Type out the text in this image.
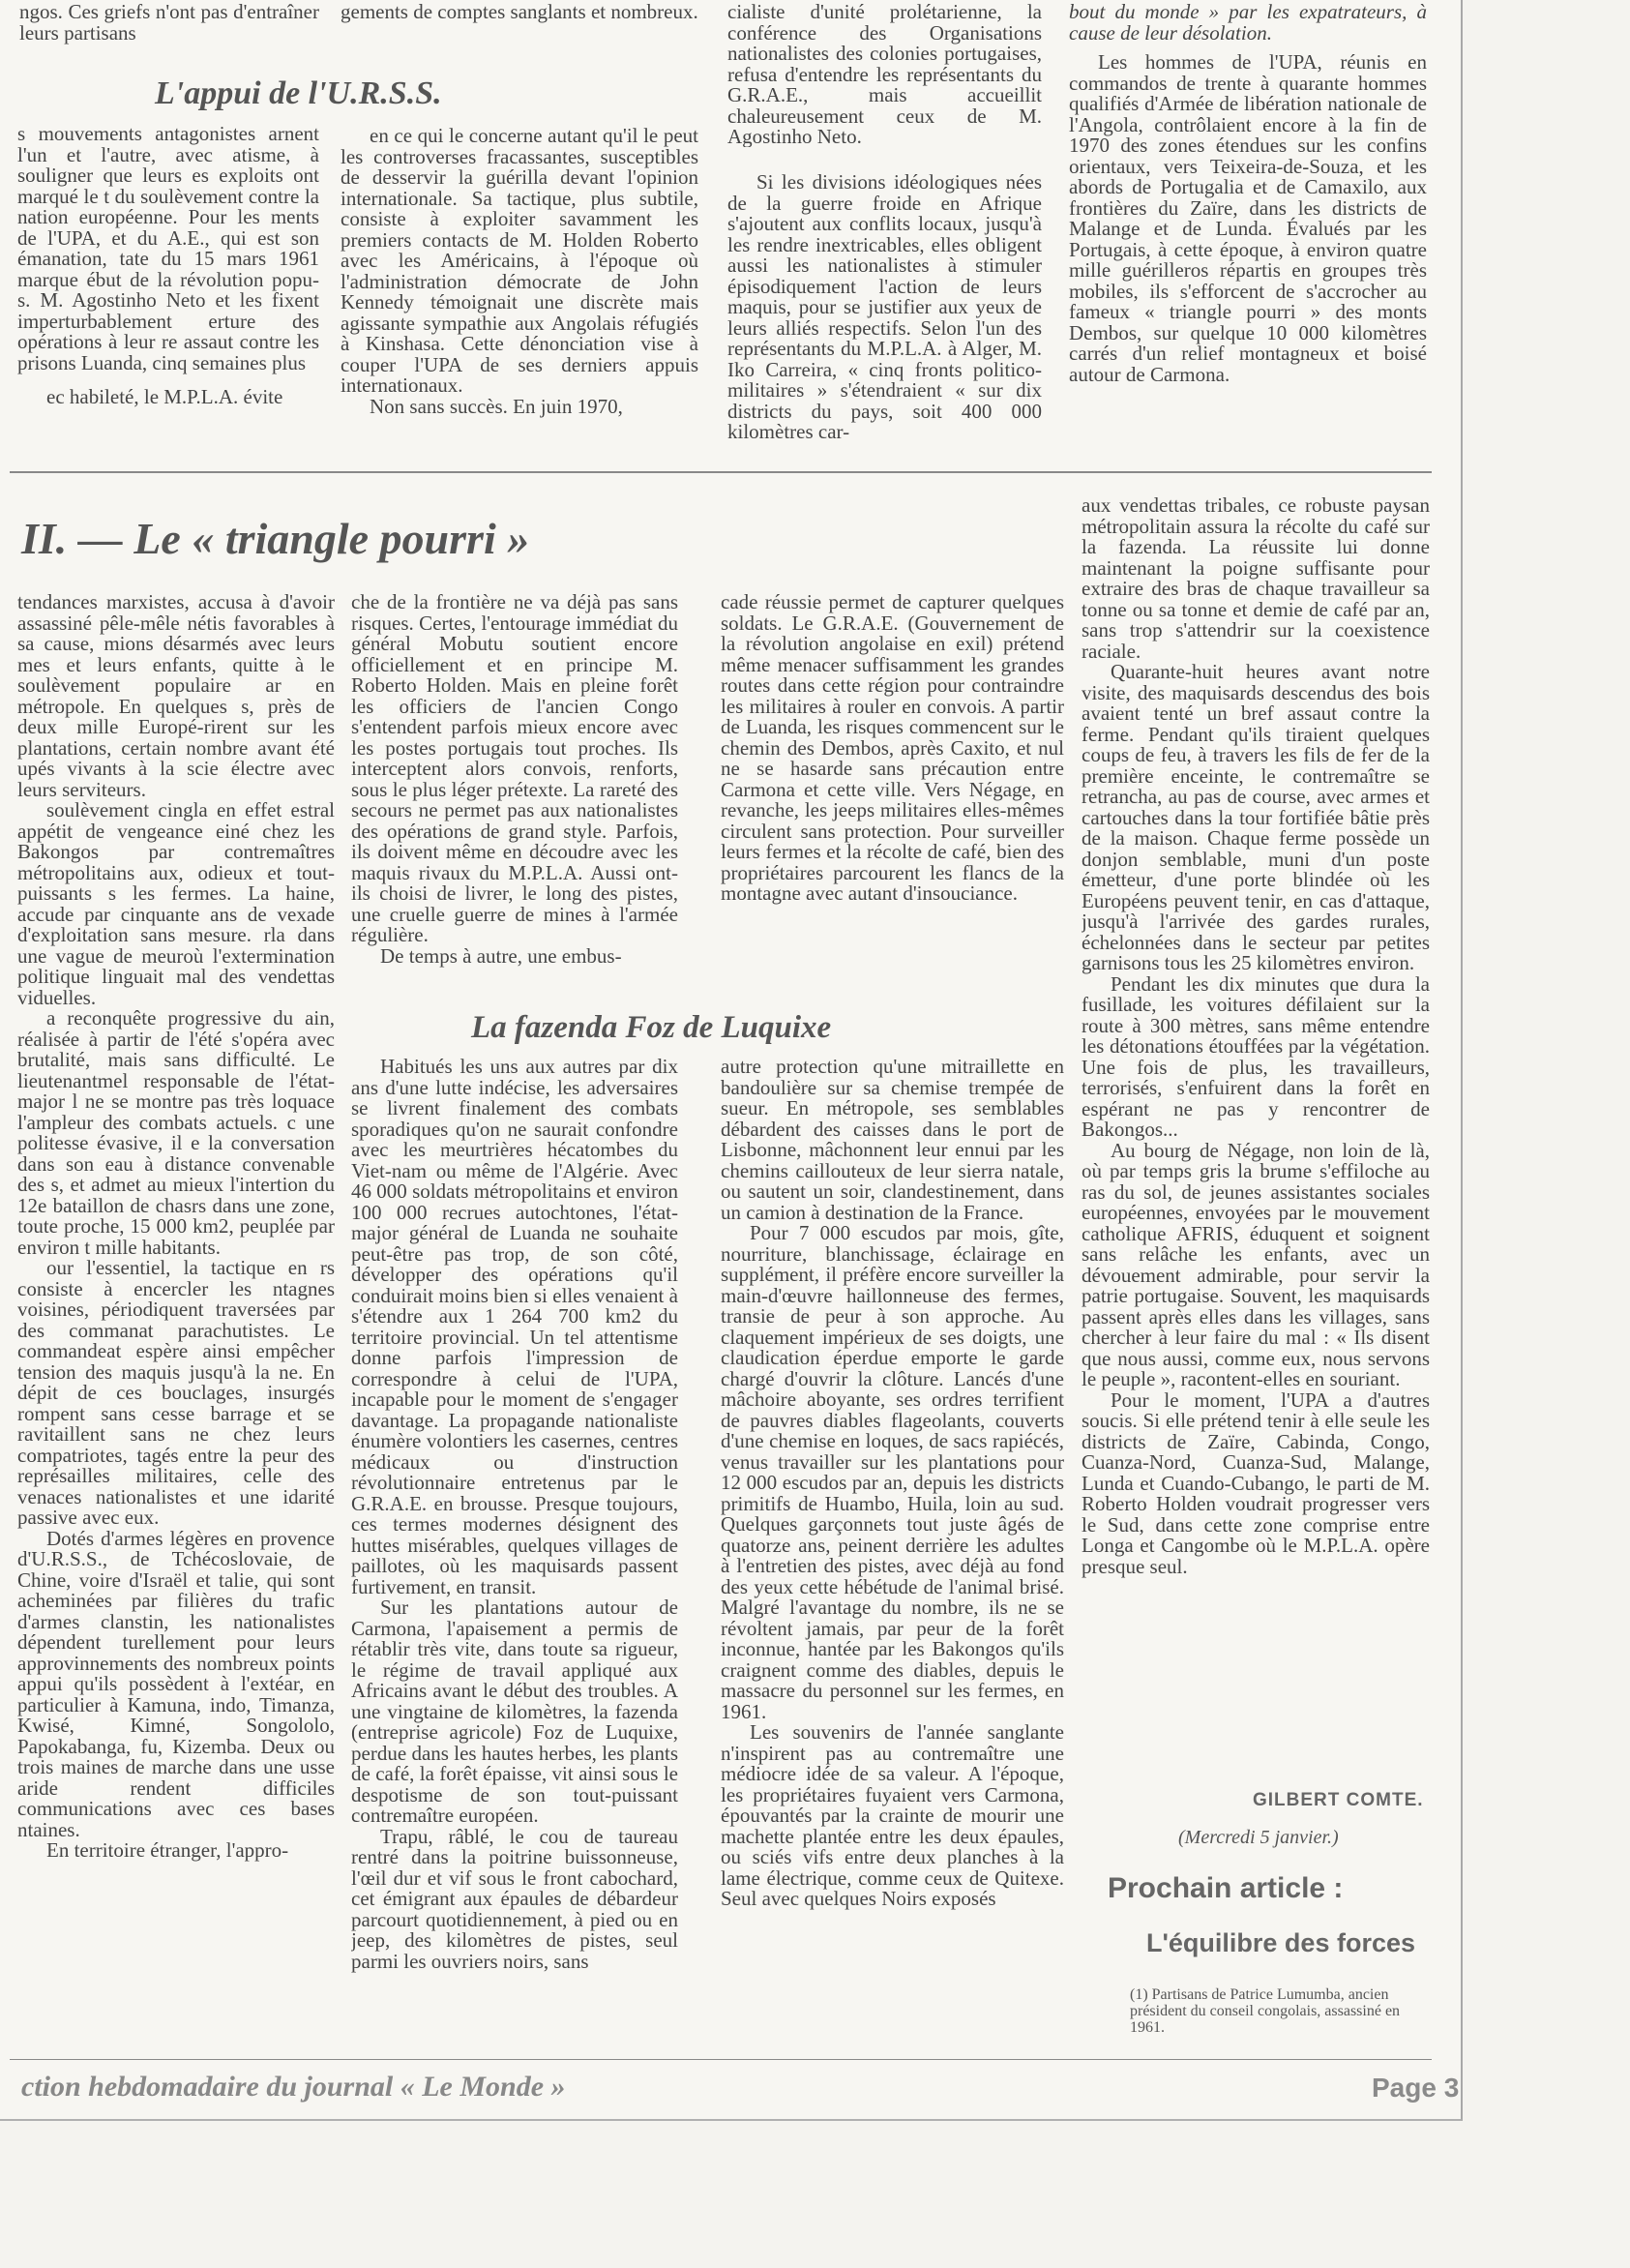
ngos. Ces griefs n'ont pas d'entraîner leurs partisans

gements de comptes sanglants et nombreux. cialiste d'unité prolétarienne, la conférence des Organisations nationalistes des colonies portugaises, refusa d'entendre les représentants du G.R.A.E., mais accueillit chaleureusement ceux de M. Agostinho Neto.

bout du monde » par les expatrateurs, à cause de leur désolation.

L'appui de l'U.R.S.S.

s mouvements antagonistes arnent l'un et l'autre, avec atisme, à souligner que leurs es exploits ont marqué le t du soulèvement contre la nation européenne. Pour les ments de l'UPA, et du A.E., qui est son émanation, tate du 15 mars 1961 marque ébut de la révolution popu- s. M. Agostinho Neto et les fixent imperturbablement erture des opérations à leur re assaut contre les prisons Luanda, cinq semaines plus

ec habileté, le M.P.L.A. évite

en ce qui le concerne autant qu'il le peut les controverses fracassantes, susceptibles de desservir la guérilla devant l'opinion internationale. Sa tactique, plus subtile, consiste à exploiter savamment les premiers contacts de M. Holden Roberto avec les Américains, à l'époque où l'administration démocrate de John Kennedy témoignait une discrète mais agissante sympathie aux Angolais réfugiés à Kinshasa. Cette dénonciation vise à couper l'UPA de ses derniers appuis internationaux.

Non sans succès. En juin 1970,

Si les divisions idéologiques nées de la guerre froide en Afrique s'ajoutent aux conflits locaux, jusqu'à les rendre inextricables, elles obligent aussi les nationalistes à stimuler épisodiquement l'action de leurs maquis, pour se justifier aux yeux de leurs alliés respectifs. Selon l'un des représentants du M.P.L.A. à Alger, M. Iko Carreira, « cinq fronts politico-militaires » s'étendraient « sur dix districts du pays, soit 400 000 kilomètres car-

Les hommes de l'UPA, réunis en commandos de trente à quarante hommes qualifiés d'Armée de libération nationale de l'Angola, contrôlaient encore à la fin de 1970 des zones étendues sur les confins orientaux, vers Teixeira-de-Souza, et les abords de Portugalia et de Camaxilo, aux frontières du Zaïre, dans les districts de Malange et de Lunda. Évalués par les Portugais, à cette époque, à environ quatre mille guérilleros répartis en groupes très mobiles, ils s'efforcent de s'accrocher au fameux « triangle pourri » des monts Dembos, sur quelque 10 000 kilomètres carrés d'un relief montagneux et boisé autour de Carmona.

II. — Le « triangle pourri »

tendances marxistes, accusa à d'avoir assassiné pêle-mêle nétis favorables à sa cause, mions désarmés avec leurs mes et leurs enfants, quitte à le soulèvement populaire ar en métropole. En quelques s, près de deux mille Europé-rirent sur les plantations, certain nombre avant été upés vivants à la scie électre avec leurs serviteurs.

soulèvement cingla en effet estral appétit de vengeance einé chez les Bakongos par contremaîtres métropolitains aux, odieux et tout-puissants s les fermes. La haine, accude par cinquante ans de vexade d'exploitation sans mesure. rla dans une vague de meuroù l'extermination politique linguait mal des vendettas viduelles.

a reconquête progressive du ain, réalisée à partir de l'été s'opéra avec brutalité, mais sans difficulté. Le lieutenantmel responsable de l'état-major l ne se montre pas très loquace l'ampleur des combats actuels. c une politesse évasive, il e la conversation dans son eau à distance convenable des s, et admet au mieux l'intertion du 12e bataillon de chasrs dans une zone, toute proche, 15 000 km2, peuplée par environ t mille habitants.

our l'essentiel, la tactique en rs consiste à encercler les ntagnes voisines, périodiquent traversées par des commanat parachutistes. Le commandeat espère ainsi empêcher tension des maquis jusqu'à la ne. En dépit de ces bouclages, insurgés rompent sans cesse barrage et se ravitaillent sans ne chez leurs compatriotes, tagés entre la peur des représailles militaires, celle des venaces nationalistes et une idarité passive avec eux.

Dotés d'armes légères en provence d'U.R.S.S., de Tchécoslovaie, de Chine, voire d'Israël et talie, qui sont acheminées par filières du trafic d'armes clanstin, les nationalistes dépendent turellement pour leurs approvinnements des nombreux points appui qu'ils possèdent à l'extéar, en particulier à Kamuna, indo, Timanza, Kwisé, Kimné, Songololo, Papokabanga, fu, Kizemba. Deux ou trois maines de marche dans une usse aride rendent difficiles communications avec ces bases ntaines.

En territoire étranger, l'appro-

che de la frontière ne va déjà pas sans risques. Certes, l'entourage immédiat du général Mobutu soutient encore officiellement et en principe M. Roberto Holden. Mais en pleine forêt les officiers de l'ancien Congo s'entendent parfois mieux encore avec les postes portugais tout proches. Ils interceptent alors convois, renforts, sous le plus léger prétexte. La rareté des secours ne permet pas aux nationalistes des opérations de grand style. Parfois, ils doivent même en découdre avec les maquis rivaux du M.P.L.A. Aussi ont-ils choisi de livrer, le long des pistes, une cruelle guerre de mines à l'armée régulière.

De temps à autre, une embus-

cade réussie permet de capturer quelques soldats. Le G.R.A.E. (Gouvernement de la révolution angolaise en exil) prétend même menacer suffisamment les grandes routes dans cette région pour contraindre les militaires à rouler en convois. A partir de Luanda, les risques commencent sur le chemin des Dembos, après Caxito, et nul ne se hasarde sans précaution entre Carmona et cette ville. Vers Négage, en revanche, les jeeps militaires elles-mêmes circulent sans protection. Pour surveiller leurs fermes et la récolte de café, bien des propriétaires parcourent les flancs de la montagne avec autant d'insouciance.

La fazenda Foz de Luquixe

Habitués les uns aux autres par dix ans d'une lutte indécise, les adversaires se livrent finalement des combats sporadiques qu'on ne saurait confondre avec les meurtrières hécatombes du Viet-nam ou même de l'Algérie. Avec 46 000 soldats métropolitains et environ 100 000 recrues autochtones, l'état-major général de Luanda ne souhaite peut-être pas trop, de son côté, développer des opérations qu'il conduirait moins bien si elles venaient à s'étendre aux 1 264 700 km2 du territoire provincial. Un tel attentisme donne parfois l'impression de correspondre à celui de l'UPA, incapable pour le moment de s'engager davantage. La propagande nationaliste énumère volontiers les casernes, centres médicaux ou d'instruction révolutionnaire entretenus par le G.R.A.E. en brousse. Presque toujours, ces termes modernes désignent des huttes misérables, quelques villages de paillotes, où les maquisards passent furtivement, en transit.

Sur les plantations autour de Carmona, l'apaisement a permis de rétablir très vite, dans toute sa rigueur, le régime de travail appliqué aux Africains avant le début des troubles. A une vingtaine de kilomètres, la fazenda (entreprise agricole) Foz de Luquixe, perdue dans les hautes herbes, les plants de café, la forêt épaisse, vit ainsi sous le despotisme de son tout-puissant contremaître européen.

Trapu, râblé, le cou de taureau rentré dans la poitrine buissonneuse, l'œil dur et vif sous le front cabochard, cet émigrant aux épaules de débardeur parcourt quotidiennement, à pied ou en jeep, des kilomètres de pistes, seul parmi les ouvriers noirs, sans

autre protection qu'une mitraillette en bandoulière sur sa chemise trempée de sueur. En métropole, ses semblables débardent des caisses dans le port de Lisbonne, mâchonnent leur ennui par les chemins caillouteux de leur sierra natale, ou sautent un soir, clandestinement, dans un camion à destination de la France.

Pour 7 000 escudos par mois, gîte, nourriture, blanchissage, éclairage en supplément, il préfère encore surveiller la main-d'œuvre haillonneuse des fermes, transie de peur à son approche. Au claquement impérieux de ses doigts, une claudication éperdue emporte le garde chargé d'ouvrir la clôture. Lancés d'une mâchoire aboyante, ses ordres terrifient de pauvres diables flageolants, couverts d'une chemise en loques, de sacs rapiécés, venus travailler sur les plantations pour 12 000 escudos par an, depuis les districts primitifs de Huambo, Huila, loin au sud. Quelques garçonnets tout juste âgés de quatorze ans, peinent derrière les adultes à l'entretien des pistes, avec déjà au fond des yeux cette hébétude de l'animal brisé. Malgré l'avantage du nombre, ils ne se révoltent jamais, par peur de la forêt inconnue, hantée par les Bakongos qu'ils craignent comme des diables, depuis le massacre du personnel sur les fermes, en 1961.

Les souvenirs de l'année sanglante n'inspirent pas au contremaître une médiocre idée de sa valeur. A l'époque, les propriétaires fuyaient vers Carmona, épouvantés par la crainte de mourir une machette plantée entre les deux épaules, ou sciés vifs entre deux planches à la lame électrique, comme ceux de Quitexe. Seul avec quelques Noirs exposés

aux vendettas tribales, ce robuste paysan métropolitain assura la récolte du café sur la fazenda. La réussite lui donne maintenant la poigne suffisante pour extraire des bras de chaque travailleur sa tonne ou sa tonne et demie de café par an, sans trop s'attendrir sur la coexistence raciale.

Quarante-huit heures avant notre visite, des maquisards descendus des bois avaient tenté un bref assaut contre la ferme. Pendant qu'ils tiraient quelques coups de feu, à travers les fils de fer de la première enceinte, le contremaître se retrancha, au pas de course, avec armes et cartouches dans la tour fortifiée bâtie près de la maison. Chaque ferme possède un donjon semblable, muni d'un poste émetteur, d'une porte blindée où les Européens peuvent tenir, en cas d'attaque, jusqu'à l'arrivée des gardes rurales, échelonnées dans le secteur par petites garnisons tous les 25 kilomètres environ.

Pendant les dix minutes que dura la fusillade, les voitures défilaient sur la route à 300 mètres, sans même entendre les détonations étouffées par la végétation. Une fois de plus, les travailleurs, terrorisés, s'enfuirent dans la forêt en espérant ne pas y rencontrer de Bakongos...

Au bourg de Négage, non loin de là, où par temps gris la brume s'effiloche au ras du sol, de jeunes assistantes sociales européennes, envoyées par le mouvement catholique AFRIS, éduquent et soignent sans relâche les enfants, avec un dévouement admirable, pour servir la patrie portugaise. Souvent, les maquisards passent après elles dans les villages, sans chercher à leur faire du mal : « Ils disent que nous aussi, comme eux, nous servons le peuple », racontent-elles en souriant.

Pour le moment, l'UPA a d'autres soucis. Si elle prétend tenir à elle seule les districts de Zaïre, Cabinda, Congo, Cuanza-Nord, Cuanza-Sud, Malange, Lunda et Cuando-Cubango, le parti de M. Roberto Holden voudrait progresser vers le Sud, dans cette zone comprise entre Longa et Cangombe où le M.P.L.A. opère presque seul.

GILBERT COMTE.
(Mercredi 5 janvier.)
Prochain article :
L'équilibre des forces
(1) Partisans de Patrice Lumumba, ancien président du conseil congolais, assassiné en 1961.
ction hebdomadaire du journal « Le Monde »	Page 3
